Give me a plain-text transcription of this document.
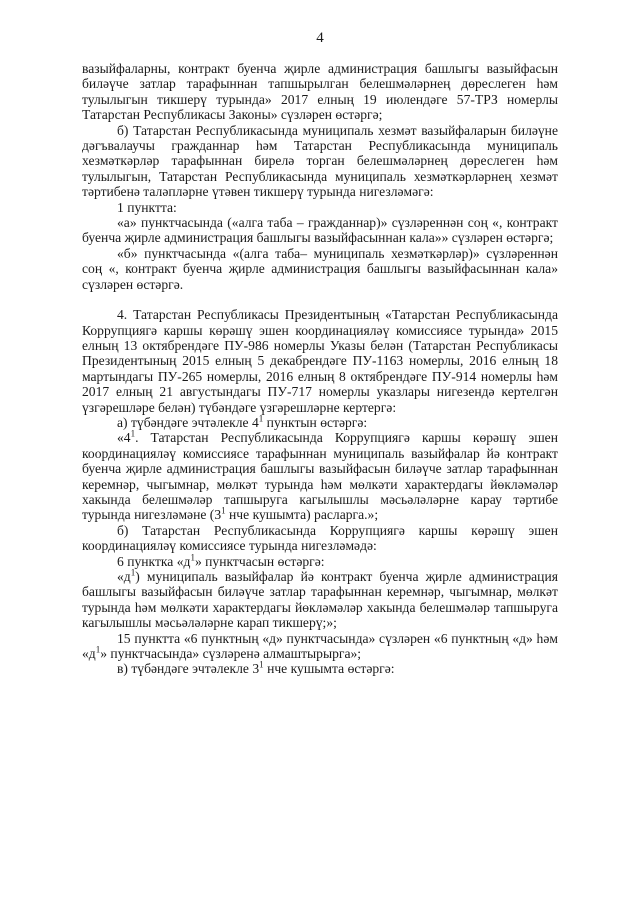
4

вазыйфаларны, контракт буенча җирле администрация башлыгы вазыйфасын биләүче затлар тарафыннан тапшырылган белешмәләрнең дөреслеген һәм тулылыгын тикшерү турында» 2017 елның 19 июлендәге 57-ТРЗ номерлы Татарстан Республикасы Законы» сүзләрен өстәргә;

б) Татарстан Республикасында муниципаль хезмәт вазыйфаларын биләүне дәгъвалаучы гражданнар һәм Татарстан Республикасында муниципаль хезмәткәрләр тарафыннан бирелә торган белешмәләрнең дөреслеген һәм тулылыгын, Татарстан Республикасында муниципаль хезмәткәрләрнең хезмәт тәртибенә таләпләрне үтәвен тикшерү турында нигезләмәгә:

1 пунктта:

«а» пунктчасында («алга таба – гражданнар)» сүзләреннән соң «, контракт буенча җирле администрация башлыгы вазыйфасыннан кала»» сүзләрен өстәргә;

«б» пунктчасында «(алга таба– муниципаль хезмәткәрләр)» сүзләреннән соң «, контракт буенча җирле администрация башлыгы вазыйфасыннан кала» сүзләрен өстәргә.

4. Татарстан Республикасы Президентының «Татарстан Республикасында Коррупциягә каршы көрәшү эшен координацияләү комиссиясе турында» 2015 елның 13 октябрендәге ПУ-986 номерлы Указы белән (Татарстан Республикасы Президентының 2015 елның 5 декабрендәге ПУ-1163 номерлы, 2016 елның 18 мартындагы ПУ-265 номерлы, 2016 елның 8 октябрендәге ПУ-914 номерлы һәм 2017 елның 21 августындагы ПУ-717 номерлы указлары нигезендә кертелгән үзгәрешләре белән) түбәндәге үзгәрешләрне кертергә:

а) түбәндәге эчтәлекле $4^1$ пунктын өстәргә:

«$4^1$. Татарстан Республикасында Коррупциягә каршы көрәшү эшен координацияләү комиссиясе тарафыннан муниципаль вазыйфалар йә контракт буенча җирле администрация башлыгы вазыйфасын биләүче затлар тарафыннан керемнәр, чыгымнар, мөлкәт турында һәм мөлкәти характердагы йөкләмәләр хакында белешмәләр тапшыруга кагылышлы мәсьәләләрне карау тәртибе турында нигезләмәне ($3^1$ нче кушымта) расларга.»;

б) Татарстан Республикасында Коррупциягә каршы көрәшү эшен координацияләү комиссиясе турында нигезләмәдә:

6 пунктка «$д^1$» пунктчасын өстәргә:

«$д^1$) муниципаль вазыйфалар йә контракт буенча җирле администрация башлыгы вазыйфасын биләүче затлар тарафыннан керемнәр, чыгымнар, мөлкәт турында һәм мөлкәти характердагы йөкләмәләр хакында белешмәләр тапшыруга кагылышлы мәсьәләләрне карап тикшерү;»;

15 пунктта «6 пунктның «д» пунктчасында» сүзләрен «6 пунктның «д» һәм «$д^1$» пунктчасында» сүзләренә алмаштырырга»;

в) түбәндәге эчтәлекле $3^1$ нче кушымта өстәргә:
